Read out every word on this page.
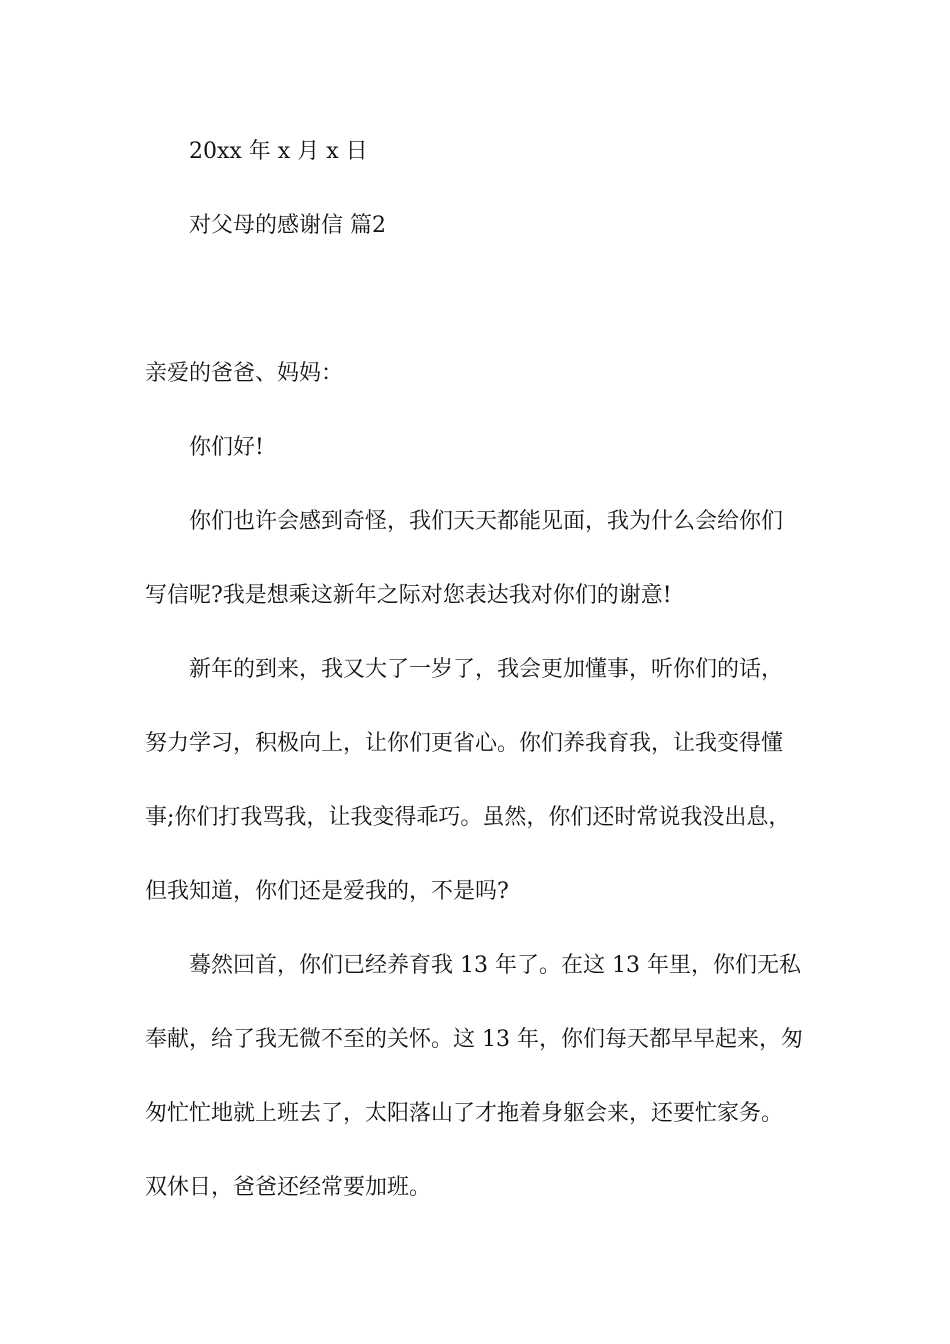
20xx 年 x 月 x 日
对父母的感谢信 篇2
亲爱的爸爸、妈妈：
你们好!
你们也许会感到奇怪，我们天天都能见面，我为什么会给你们
写信呢?我是想乘这新年之际对您表达我对你们的谢意!
新年的到来，我又大了一岁了，我会更加懂事，听你们的话，
努力学习，积极向上，让你们更省心。你们养我育我，让我变得懂
事;你们打我骂我，让我变得乖巧。虽然，你们还时常说我没出息，
但我知道，你们还是爱我的，不是吗?
蓦然回首，你们已经养育我 13 年了。在这 13 年里，你们无私
奉献，给了我无微不至的关怀。这 13 年，你们每天都早早起来，匆
匆忙忙地就上班去了，太阳落山了才拖着身躯会来，还要忙家务。
双休日，爸爸还经常要加班。
